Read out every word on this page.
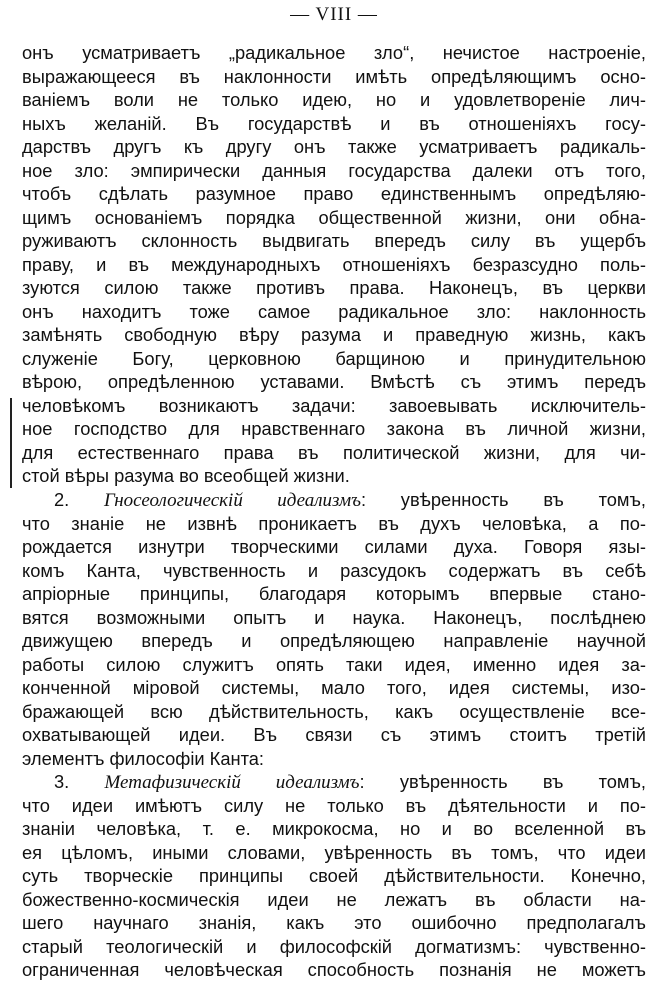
— VIII —
онъ усматриваетъ „радикальное зло“, нечистое настроеніе,
выражающееся въ наклонности имѣть опредѣляющимъ осно-
ваніемъ воли не только идею, но и удовлетвореніе лич-
ныхъ желаній. Въ государствѣ и въ отношеніяхъ госу-
дарствъ другъ къ другу онъ также усматриваетъ радикаль-
ное зло: эмпирически данныя государства далеки отъ того,
чтобъ сдѣлать разумное право единственнымъ опредѣляю-
щимъ основаніемъ порядка общественной жизни, они обна-
руживаютъ склонность выдвигать впередъ силу въ ущербъ
праву, и въ международныхъ отношеніяхъ безразсудно поль-
зуются силою также противъ права. Наконецъ, въ церкви
онъ находитъ тоже самое радикальное зло: наклонность
замѣнять свободную вѣру разума и праведную жизнь, какъ
служеніе Богу, церковною барщиною и принудительною
вѣрою, опредѣленною уставами. Вмѣстѣ съ этимъ передъ
человѣкомъ возникаютъ задачи: завоевывать исключитель-
ное господство для нравственнаго закона въ личной жизни,
для естественнаго права въ политической жизни, для чи-
стой вѣры разума во всеобщей жизни.
2. Гносеологическій идеализмъ: увѣренность въ томъ,
что знаніе не извнѣ проникаетъ въ духъ человѣка, а по-
рождается изнутри творческими силами духа. Говоря язы-
комъ Канта, чувственность и разсудокъ содержатъ въ себѣ
апріорные принципы, благодаря которымъ впервые стано-
вятся возможными опытъ и наука. Наконецъ, послѣднею
движущею впередъ и опредѣляющею направленіе научной
работы силою служитъ опять таки идея, именно идея за-
конченной міровой системы, мало того, идея системы, изо-
бражающей всю дѣйствительность, какъ осуществленіе все-
охватывающей идеи. Въ связи съ этимъ стоитъ третій
элементъ философіи Канта:
3. Метафизическій идеализмъ: увѣренность въ томъ,
что идеи имѣютъ силу не только въ дѣятельности и по-
знаніи человѣка, т. е. микрокосма, но и во вселенной въ
ея цѣломъ, иными словами, увѣренность въ томъ, что идеи
суть творческіе принципы своей дѣйствительности. Конечно,
божественно-космическія идеи не лежатъ въ области на-
шего научнаго знанія, какъ это ошибочно предполагалъ
старый теологическій и философскій догматизмъ: чувственно-
ограниченная человѣческая способность познанія не можетъ
